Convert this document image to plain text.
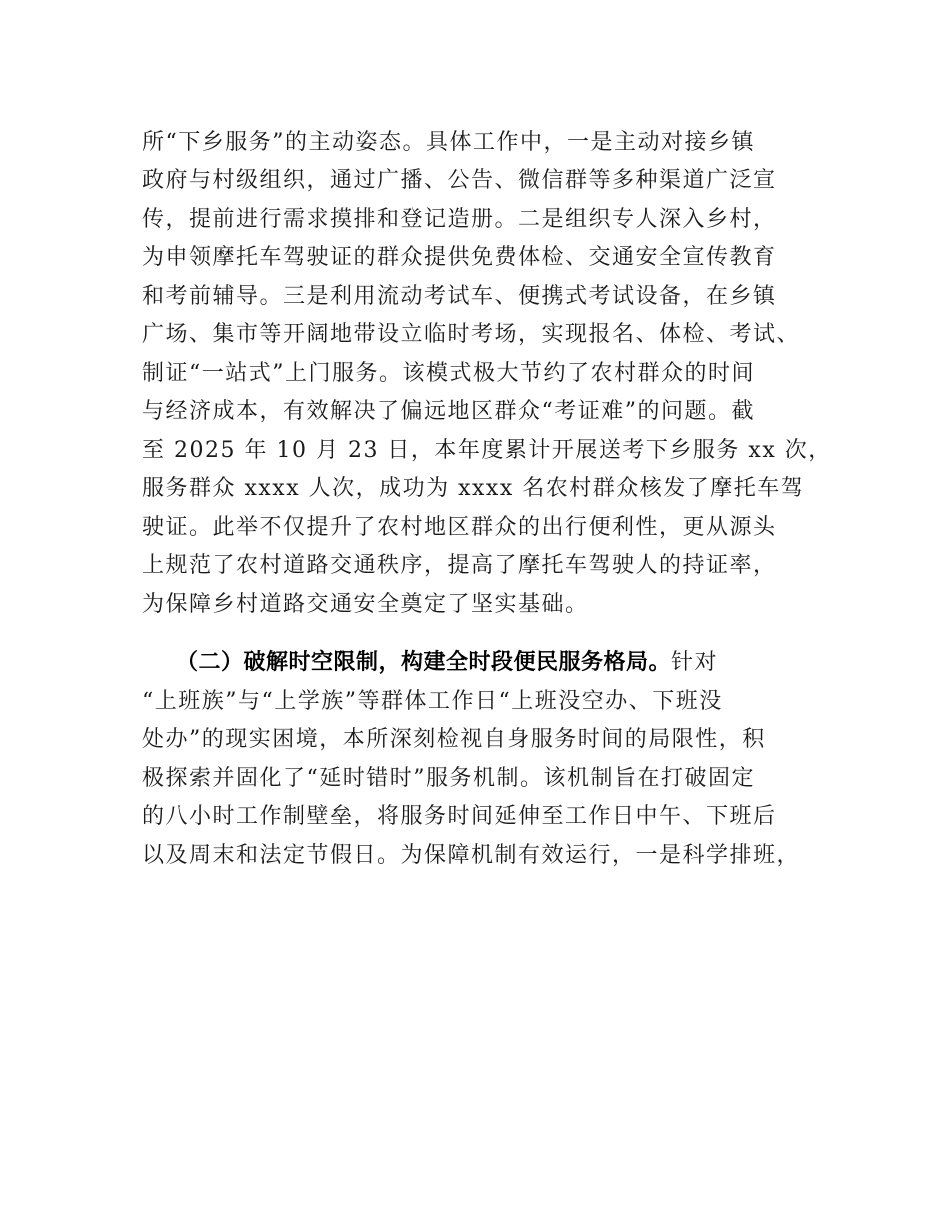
所“下乡服务”的主动姿态。具体工作中，一是主动对接乡镇
政府与村级组织，通过广播、公告、微信群等多种渠道广泛宣
传，提前进行需求摸排和登记造册。二是组织专人深入乡村，
为申领摩托车驾驶证的群众提供免费体检、交通安全宣传教育
和考前辅导。三是利用流动考试车、便携式考试设备，在乡镇
广场、集市等开阔地带设立临时考场，实现报名、体检、考试、
制证“一站式”上门服务。该模式极大节约了农村群众的时间
与经济成本，有效解决了偏远地区群众“考证难”的问题。截
至 2025 年 10 月 23 日，本年度累计开展送考下乡服务 xx 次，
服务群众 xxxx 人次，成功为 xxxx 名农村群众核发了摩托车驾
驶证。此举不仅提升了农村地区群众的出行便利性，更从源头
上规范了农村道路交通秩序，提高了摩托车驾驶人的持证率，
为保障乡村道路交通安全奠定了坚实基础。
（二）破解时空限制，构建全时段便民服务格局。针对
“上班族”与“上学族”等群体工作日“上班没空办、下班没
处办”的现实困境，本所深刻检视自身服务时间的局限性，积
极探索并固化了“延时错时”服务机制。该机制旨在打破固定
的八小时工作制壁垒，将服务时间延伸至工作日中午、下班后
以及周末和法定节假日。为保障机制有效运行，一是科学排班，
